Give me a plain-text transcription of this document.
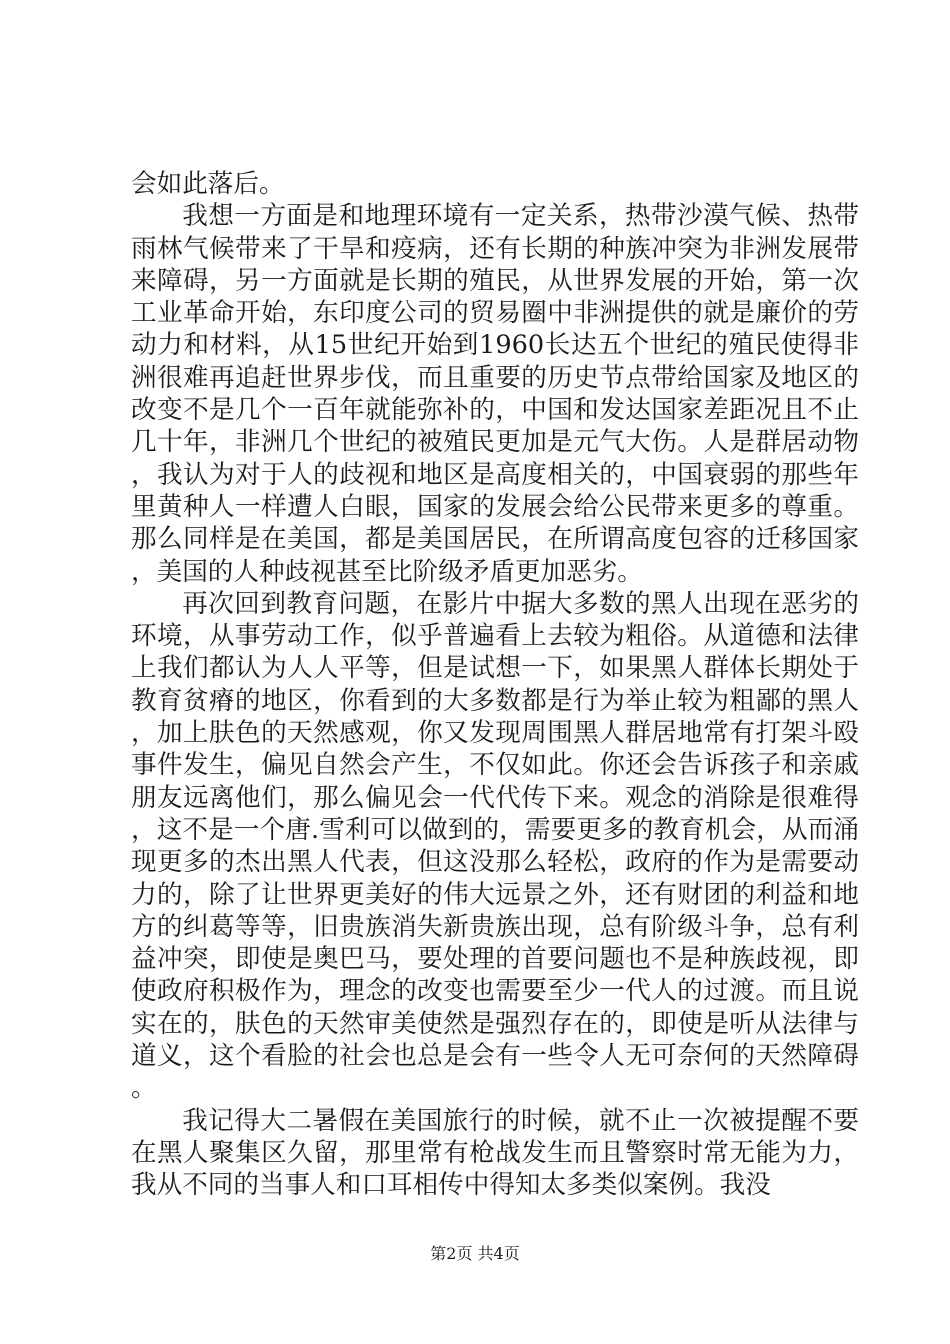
会如此落后。

我想一方面是和地理环境有一定关系，热带沙漠气候、热带雨林气候带来了干旱和疫病，还有长期的种族冲突为非洲发展带来障碍，另一方面就是长期的殖民，从世界发展的开始，第一次工业革命开始，东印度公司的贸易圈中非洲提供的就是廉价的劳动力和材料，从15世纪开始到1960长达五个世纪的殖民使得非洲很难再追赶世界步伐，而且重要的历史节点带给国家及地区的改变不是几个一百年就能弥补的，中国和发达国家差距况且不止几十年，非洲几个世纪的被殖民更加是元气大伤。人是群居动物，我认为对于人的歧视和地区是高度相关的，中国衰弱的那些年里黄种人一样遭人白眼，国家的发展会给公民带来更多的尊重。那么同样是在美国，都是美国居民，在所谓高度包容的迁移国家，美国的人种歧视甚至比阶级矛盾更加恶劣。

再次回到教育问题，在影片中据大多数的黑人出现在恶劣的环境，从事劳动工作，似乎普遍看上去较为粗俗。从道德和法律上我们都认为人人平等，但是试想一下，如果黑人群体长期处于教育贫瘠的地区，你看到的大多数都是行为举止较为粗鄙的黑人，加上肤色的天然感观，你又发现周围黑人群居地常有打架斗殴事件发生，偏见自然会产生，不仅如此。你还会告诉孩子和亲戚朋友远离他们，那么偏见会一代代传下来。观念的消除是很难得，这不是一个唐.雪利可以做到的，需要更多的教育机会，从而涌现更多的杰出黑人代表，但这没那么轻松，政府的作为是需要动力的，除了让世界更美好的伟大远景之外，还有财团的利益和地方的纠葛等等，旧贵族消失新贵族出现，总有阶级斗争，总有利益冲突，即使是奥巴马，要处理的首要问题也不是种族歧视，即使政府积极作为，理念的改变也需要至少一代人的过渡。而且说实在的，肤色的天然审美使然是强烈存在的，即使是听从法律与道义，这个看脸的社会也总是会有一些令人无可奈何的天然障碍。

我记得大二暑假在美国旅行的时候，就不止一次被提醒不要在黑人聚集区久留，那里常有枪战发生而且警察时常无能为力，我从不同的当事人和口耳相传中得知太多类似案例。我没

第2页 共4页
